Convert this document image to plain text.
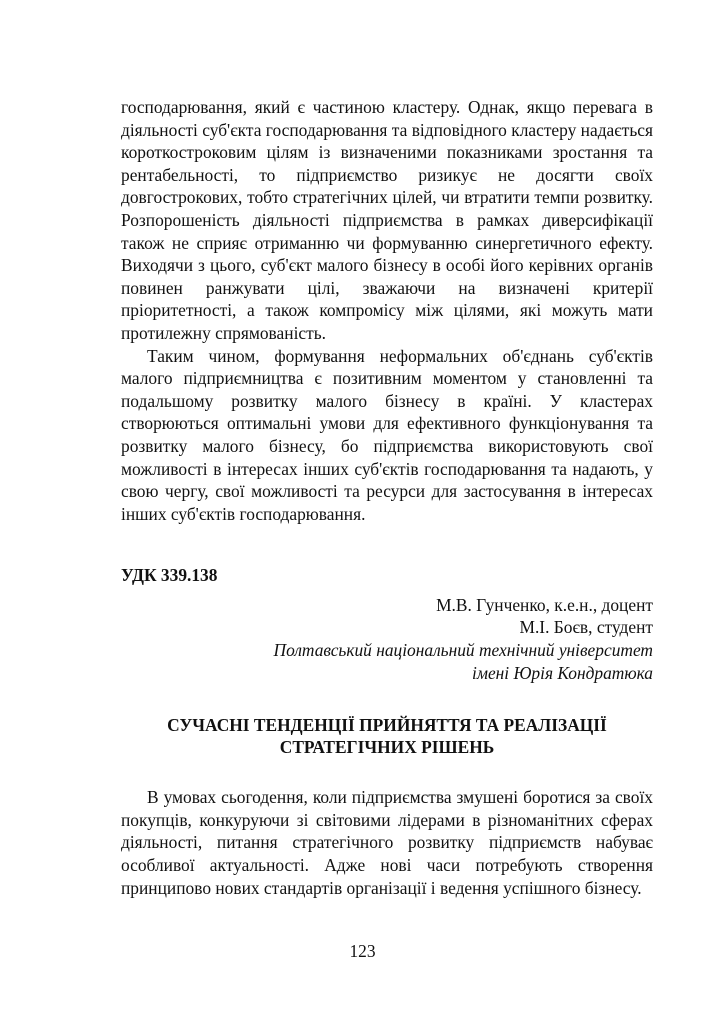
господарювання, який є частиною кластеру. Однак, якщо перевага в діяльності суб'єкта господарювання та відповідного кластеру надається короткостроковим цілям із визначеними показниками зростання та рентабельності, то підприємство ризикує не досягти своїх довгострокових, тобто стратегічних цілей, чи втратити темпи розвитку. Розпорошеність діяльності підприємства в рамках диверсифікації також не сприяє отриманню чи формуванню синергетичного ефекту. Виходячи з цього, суб'єкт малого бізнесу в особі його керівних органів повинен ранжувати цілі, зважаючи на визначені критерії пріоритетності, а також компромісу між цілями, які можуть мати протилежну спрямованість.

Таким чином, формування неформальних об'єднань суб'єктів малого підприємництва є позитивним моментом у становленні та подальшому розвитку малого бізнесу в країні. У кластерах створюються оптимальні умови для ефективного функціонування та розвитку малого бізнесу, бо підприємства використовують свої можливості в інтересах інших суб'єктів господарювання та надають, у свою чергу, свої можливості та ресурси для застосування в інтересах інших суб'єктів господарювання.

УДК 339.138

М.В. Гунченко, к.е.н., доцент

М.І. Боєв, студент

Полтавський національний технічний університет

імені Юрія Кондратюка

СУЧАСНІ ТЕНДЕНЦІЇ ПРИЙНЯТТЯ ТА РЕАЛІЗАЦІЇ
СТРАТЕГІЧНИХ РІШЕНЬ

В умовах сьогодення, коли підприємства змушені боротися за своїх покупців, конкуруючи зі світовими лідерами в різноманітних сферах діяльності, питання стратегічного розвитку підприємств набуває особливої актуальності. Адже нові часи потребують створення принципово нових стандартів організації і ведення успішного бізнесу.

123
